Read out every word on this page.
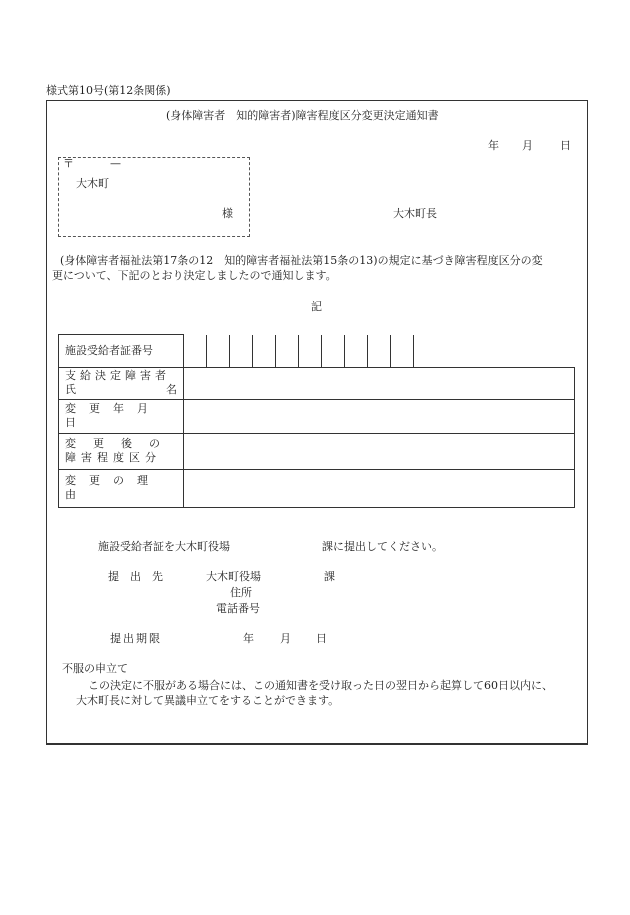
様式第10号(第12条関係)
(身体障害者　知的障害者)障害程度区分変更決定通知書
年 月 日
〒	—
大木町
様	大木町長
(身体障害者福祉法第17条の12　知的障害者福祉法第15条の13)の規定に基づき障害程度区分の変
更について、下記のとおり決定しましたので通知します。
記
施設受給者証番号		

支給決定障害者
氏 名		

変更年月日		

変更後の
障害程度区分		

変更の理由		

施設受給者証を大木町役場	課に提出してください。
提　出　先	大木町役場	課
住所
電話番号
提出期限	年 月 日
不服の申立て
この決定に不服がある場合には、この通知書を受け取った日の翌日から起算して60日以内に、
大木町長に対して異議申立てをすることができます。
